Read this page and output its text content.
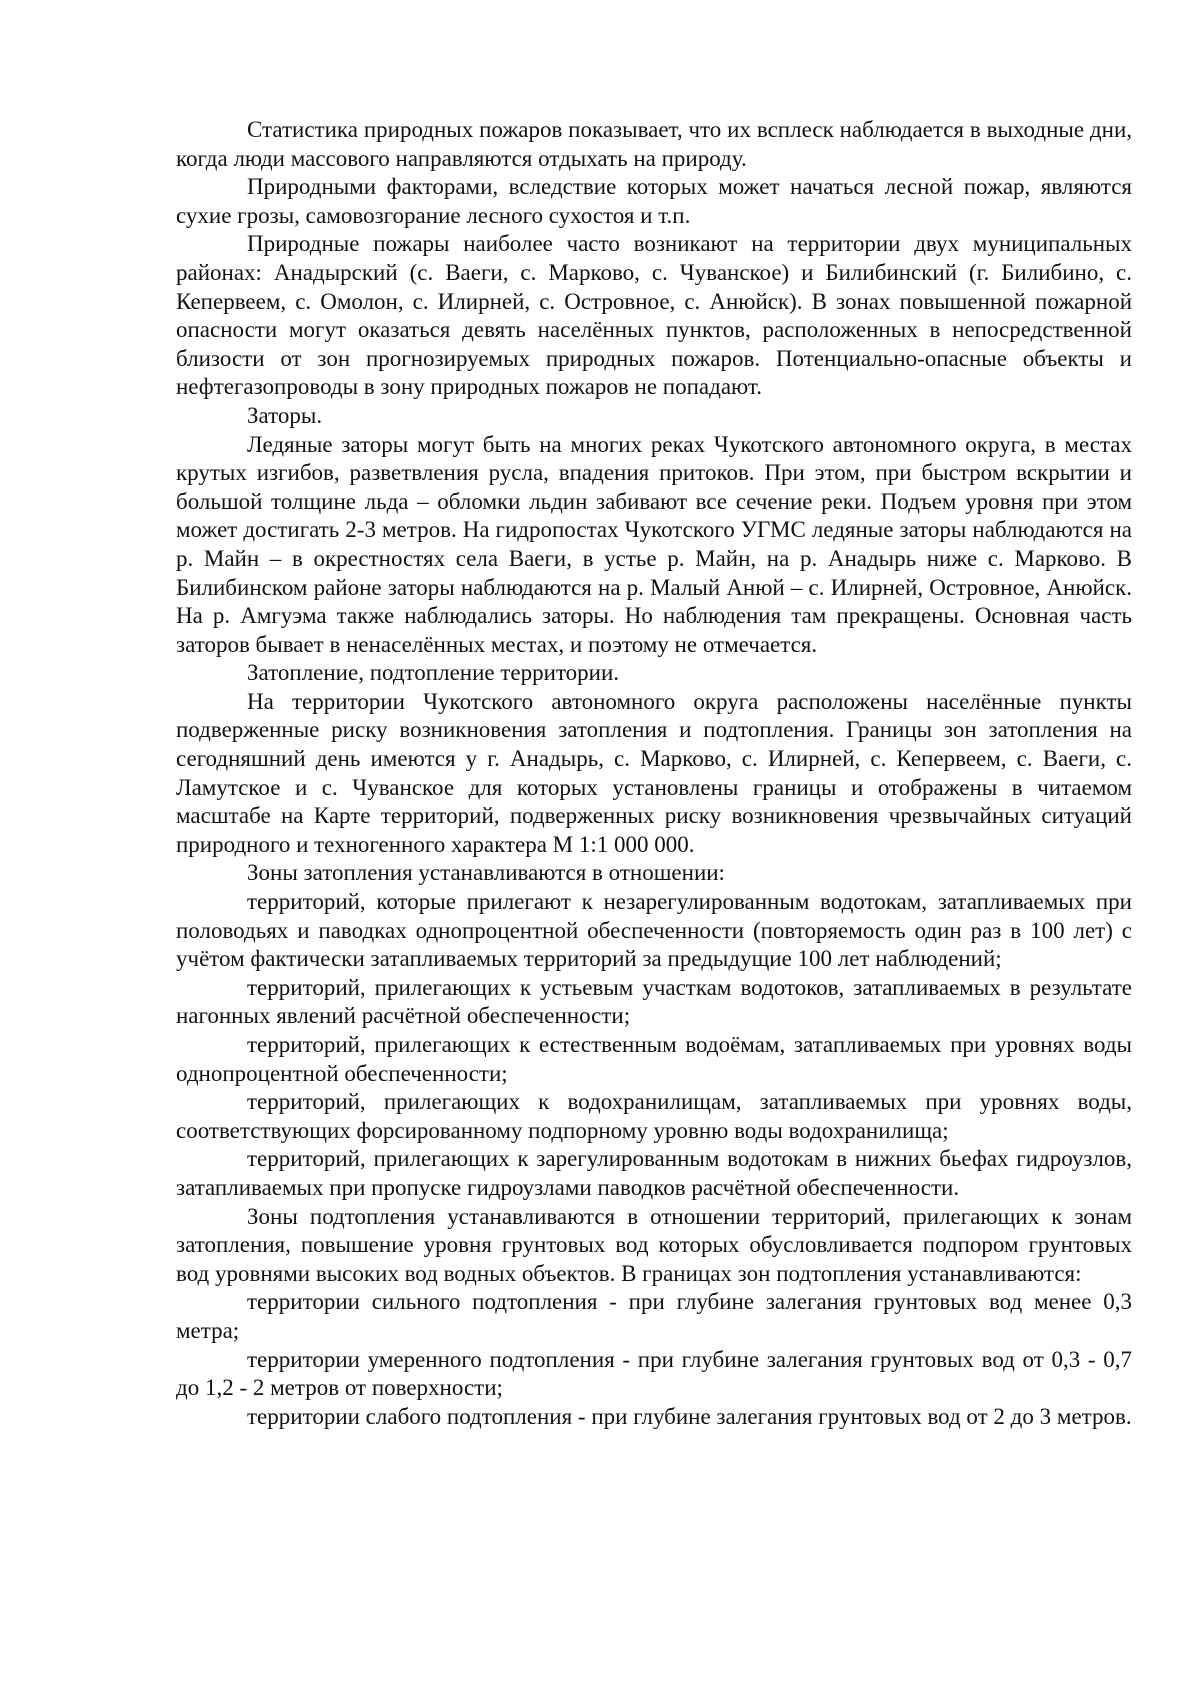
Статистика природных пожаров показывает, что их всплеск наблюдается в выходные дни, когда люди массового направляются отдыхать на природу.

Природными факторами, вследствие которых может начаться лесной пожар, являются сухие грозы, самовозгорание лесного сухостоя и т.п.

Природные пожары наиболее часто возникают на территории двух муниципальных районах: Анадырский (с. Ваеги, с. Марково, с. Чуванское) и Билибинский (г. Билибино, с. Кепервеем, с. Омолон, с. Илирней, с. Островное, с. Анюйск). В зонах повышенной пожарной опасности могут оказаться девять населённых пунктов, расположенных в непосредственной близости от зон прогнозируемых природных пожаров. Потенциально-опасные объекты и нефтегазопроводы в зону природных пожаров не попадают.

Заторы.

Ледяные заторы могут быть на многих реках Чукотского автономного округа, в местах крутых изгибов, разветвления русла, впадения притоков. При этом, при быстром вскрытии и большой толщине льда – обломки льдин забивают все сечение реки. Подъем уровня при этом может достигать 2-3 метров. На гидропостах Чукотского УГМС ледяные заторы наблюдаются на р. Майн – в окрестностях села Ваеги, в устье р. Майн, на р. Анадырь ниже с. Марково. В Билибинском районе заторы наблюдаются на р. Малый Анюй – с. Илирней, Островное, Анюйск. На р. Амгуэма также наблюдались заторы. Но наблюдения там прекращены. Основная часть заторов бывает в ненаселённых местах, и поэтому не отмечается.

Затопление, подтопление территории.

На территории Чукотского автономного округа расположены населённые пункты подверженные риску возникновения затопления и подтопления. Границы зон затопления на сегодняшний день имеются у г. Анадырь, с. Марково, с. Илирней, с. Кепервеем, с. Ваеги, с. Ламутское и с. Чуванское для которых установлены границы и отображены в читаемом масштабе на Карте территорий, подверженных риску возникновения чрезвычайных ситуаций природного и техногенного характера М 1:1 000 000.

Зоны затопления устанавливаются в отношении:

территорий, которые прилегают к незарегулированным водотокам, затапливаемых при половодьях и паводках однопроцентной обеспеченности (повторяемость один раз в 100 лет) с учётом фактически затапливаемых территорий за предыдущие 100 лет наблюдений;

территорий, прилегающих к устьевым участкам водотоков, затапливаемых в результате нагонных явлений расчётной обеспеченности;

территорий, прилегающих к естественным водоёмам, затапливаемых при уровнях воды однопроцентной обеспеченности;

территорий, прилегающих к водохранилищам, затапливаемых при уровнях воды, соответствующих форсированному подпорному уровню воды водохранилища;

территорий, прилегающих к зарегулированным водотокам в нижних бьефах гидроузлов, затапливаемых при пропуске гидроузлами паводков расчётной обеспеченности.

Зоны подтопления устанавливаются в отношении территорий, прилегающих к зонам затопления, повышение уровня грунтовых вод которых обусловливается подпором грунтовых вод уровнями высоких вод водных объектов. В границах зон подтопления устанавливаются:

территории сильного подтопления - при глубине залегания грунтовых вод менее 0,3 метра;

территории умеренного подтопления - при глубине залегания грунтовых вод от 0,3 - 0,7 до 1,2 - 2 метров от поверхности;

территории слабого подтопления - при глубине залегания грунтовых вод от 2 до 3 метров.
